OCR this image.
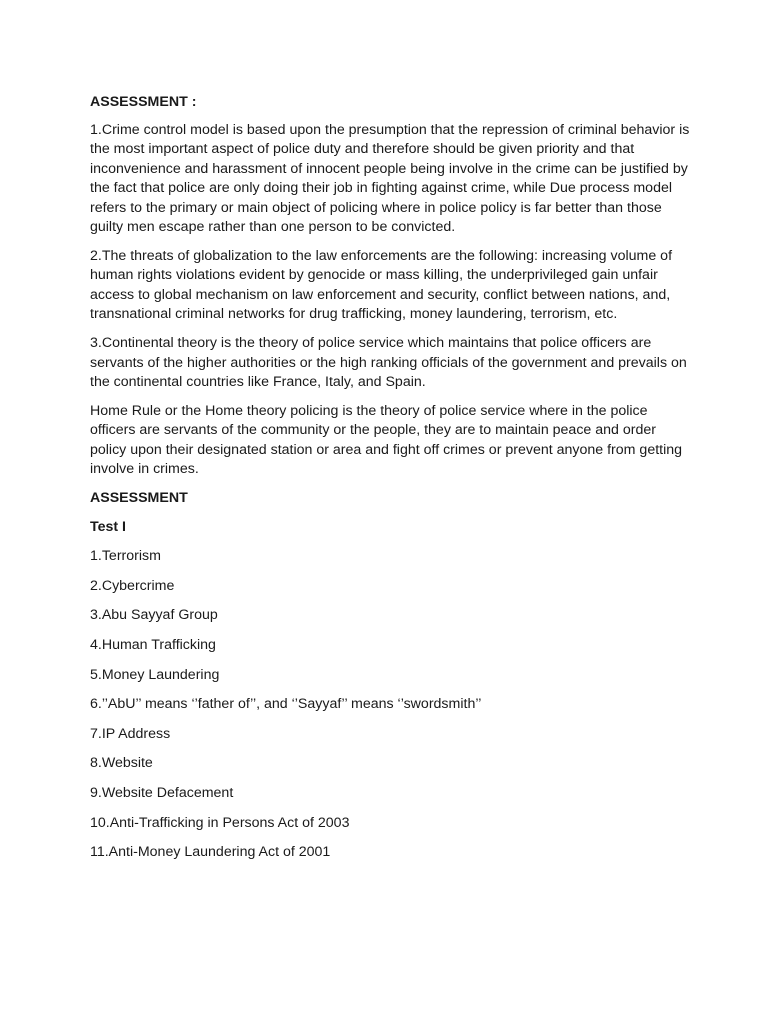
ASSESSMENT :
1.Crime control model is based upon the presumption that the repression of criminal behavior is the most important aspect of police duty and therefore should be given priority and that inconvenience and harassment of innocent people being involve in the crime can be justified by the fact that police are only doing their job in fighting against crime, while Due process model refers to the primary or main object of policing where in police policy is far better than those guilty men escape rather than one person to be convicted.
2.The threats of globalization to the law enforcements are the following: increasing volume of human rights violations evident by genocide or mass killing, the underprivileged gain unfair access to global mechanism on law enforcement and security, conflict between nations, and, transnational criminal networks for drug trafficking, money laundering, terrorism, etc.
3.Continental theory is the theory of police service which maintains that police officers are servants of the higher authorities or the high ranking officials of the government and prevails on the continental countries like France, Italy, and Spain.
Home Rule or the Home theory policing is the theory of police service where in the police officers are servants of the community or the people, they are to maintain peace and order policy upon their designated station or area and fight off crimes or prevent anyone from getting involve in crimes.
ASSESSMENT
Test I
1.Terrorism
2.Cybercrime
3.Abu Sayyaf Group
4.Human Trafficking
5.Money Laundering
6.’’AbU’’ means ‘’father of’’, and ‘’Sayyaf’’ means ‘’swordsmith’’
7.IP Address
8.Website
9.Website Defacement
10.Anti-Trafficking in Persons Act of 2003
11.Anti-Money Laundering Act of 2001
